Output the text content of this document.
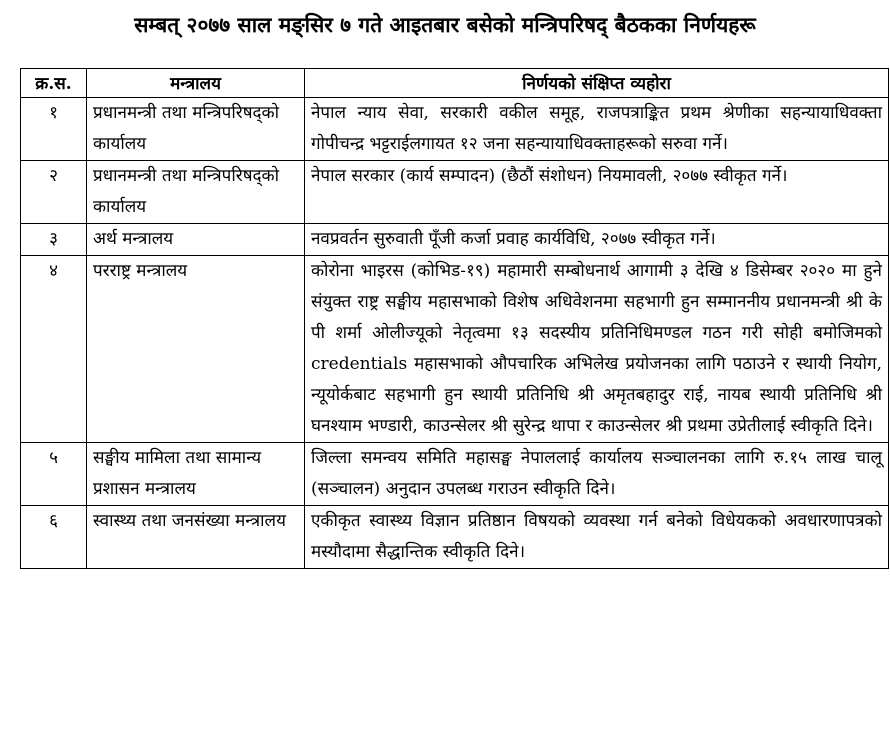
सम्बत् २०७७ साल मङ्सिर ७ गते आइतबार बसेको मन्त्रिपरिषद् बैठकका निर्णयहरू
क्र.स.	मन्त्रालय	निर्णयको संक्षिप्त व्यहोरा
१	प्रधानमन्त्री तथा मन्त्रिपरिषद्को कार्यालय	नेपाल न्याय सेवा, सरकारी वकील समूह, राजपत्राङ्कित प्रथम श्रेणीका सहन्यायाधिवक्ता गोपीचन्द्र भट्टराईलगायत १२ जना सहन्यायाधिवक्ताहरूको सरुवा गर्ने।
२	प्रधानमन्त्री तथा मन्त्रिपरिषद्को कार्यालय	नेपाल सरकार (कार्य सम्पादन) (छैठौं संशोधन) नियमावली, २०७७ स्वीकृत गर्ने।
३	अर्थ मन्त्रालय	नवप्रवर्तन सुरुवाती पूँजी कर्जा प्रवाह कार्यविधि, २०७७ स्वीकृत गर्ने।
४	परराष्ट्र मन्त्रालय	कोरोना भाइरस (कोभिड-१९) महामारी सम्बोधनार्थ आगामी ३ देखि ४ डिसेम्बर २०२० मा हुने संयुक्त राष्ट्र सङ्घीय महासभाको विशेष अधिवेशनमा सहभागी हुन सम्माननीय प्रधानमन्त्री श्री के पी शर्मा ओलीज्यूको नेतृत्वमा १३ सदस्यीय प्रतिनिधिमण्डल गठन गरी सोही बमोजिमको credentials महासभाको औपचारिक अभिलेख प्रयोजनका लागि पठाउने र स्थायी नियोग, न्यूयोर्कबाट सहभागी हुन स्थायी प्रतिनिधि श्री अमृतबहादुर राई, नायब स्थायी प्रतिनिधि श्री घनश्याम भण्डारी, काउन्सेलर श्री सुरेन्द्र थापा र काउन्सेलर श्री प्रथमा उप्रेतीलाई स्वीकृति दिने।
५	सङ्घीय मामिला तथा सामान्य प्रशासन मन्त्रालय	जिल्ला समन्वय समिति महासङ्घ नेपाललाई कार्यालय सञ्चालनका लागि रु.१५ लाख चालू (सञ्चालन) अनुदान उपलब्ध गराउन स्वीकृति दिने।
६	स्वास्थ्य तथा जनसंख्या मन्त्रालय	एकीकृत स्वास्थ्य विज्ञान प्रतिष्ठान विषयको व्यवस्था गर्न बनेको विधेयकको अवधारणापत्रको मस्यौदामा सैद्धान्तिक स्वीकृति दिने।
